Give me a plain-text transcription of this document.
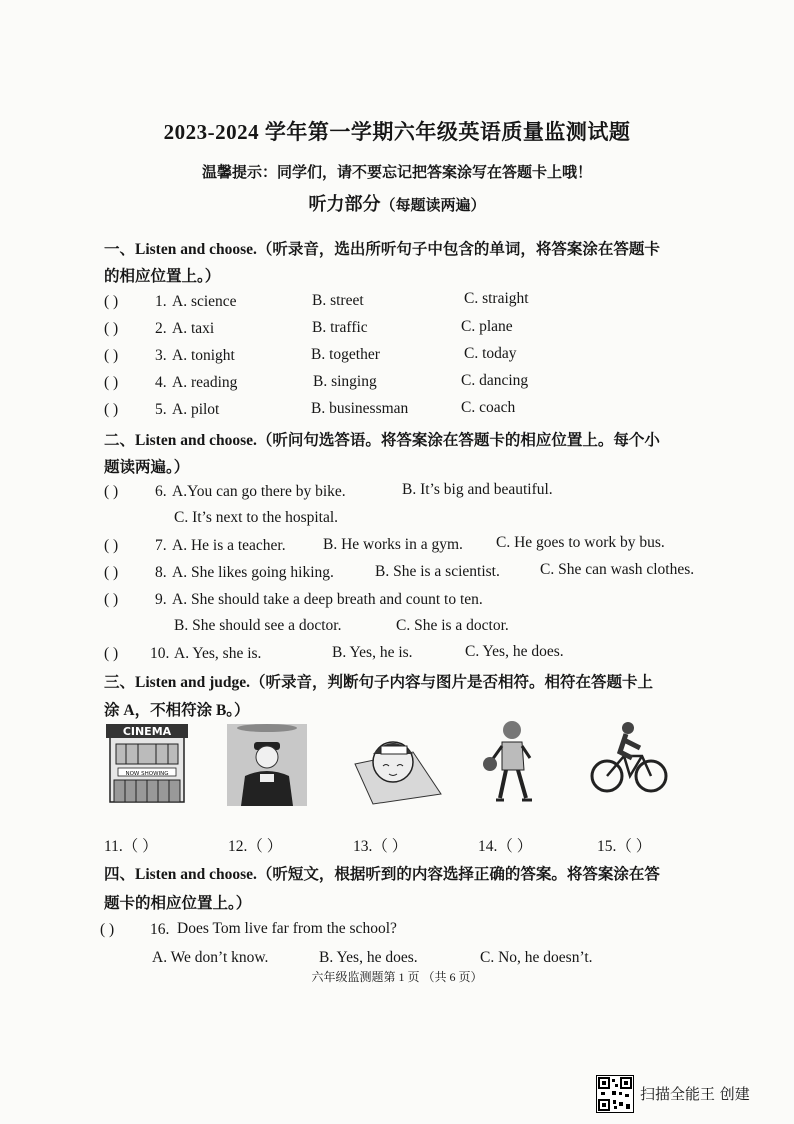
2023-2024 学年第一学期六年级英语质量监测试题
温馨提示：同学们，请不要忘记把答案涂写在答题卡上哦！
听力部分（每题读两遍）
一、Listen and choose.（听录音，选出所听句子中包含的单词，将答案涂在答题卡
的相应位置上。）
( ) 1. A. science	B. street	C. straight
( ) 2. A. taxi	B. traffic	C. plane
( ) 3. A. tonight	B. together	C. today
( ) 4. A. reading	B. singing	C. dancing
( ) 5. A. pilot	B. businessman	C. coach
二、Listen and choose.（听问句选答语。将答案涂在答题卡的相应位置上。每个小
题读两遍。）
( ) 6. A.You can go there by bike.	B. It’s big and beautiful.
C. It’s next to the hospital.
( ) 7. A. He is a teacher. B. He works in a gym. C. He goes to work by bus.
( ) 8. A. She likes going hiking.	B. She is a scientist.	C. She can wash clothes.
( ) 9. A. She should take a deep breath and count to ten.
B. She should see a doctor.	C. She is a doctor.
( ) 10. A. Yes, she is.	B. Yes, he is.	C. Yes, he does.
三、Listen and judge.（听录音，判断句子内容与图片是否相符。相符在答题卡上
涂 A，不相符涂 B。）
CINEMA
NOW SHOWING
11.（ ）	12.（ ）	13.（ ）	14.（ ）	15.（ ）
四、Listen and choose.（听短文，根据听到的内容选择正确的答案。将答案涂在答
题卡的相应位置上。）
( ) 16. Does Tom live far from the school?
A. We don’t know.	B. Yes, he does.	C. No, he doesn’t.
六年级监测题第 1 页 （共 6 页）
扫描全能王 创建
